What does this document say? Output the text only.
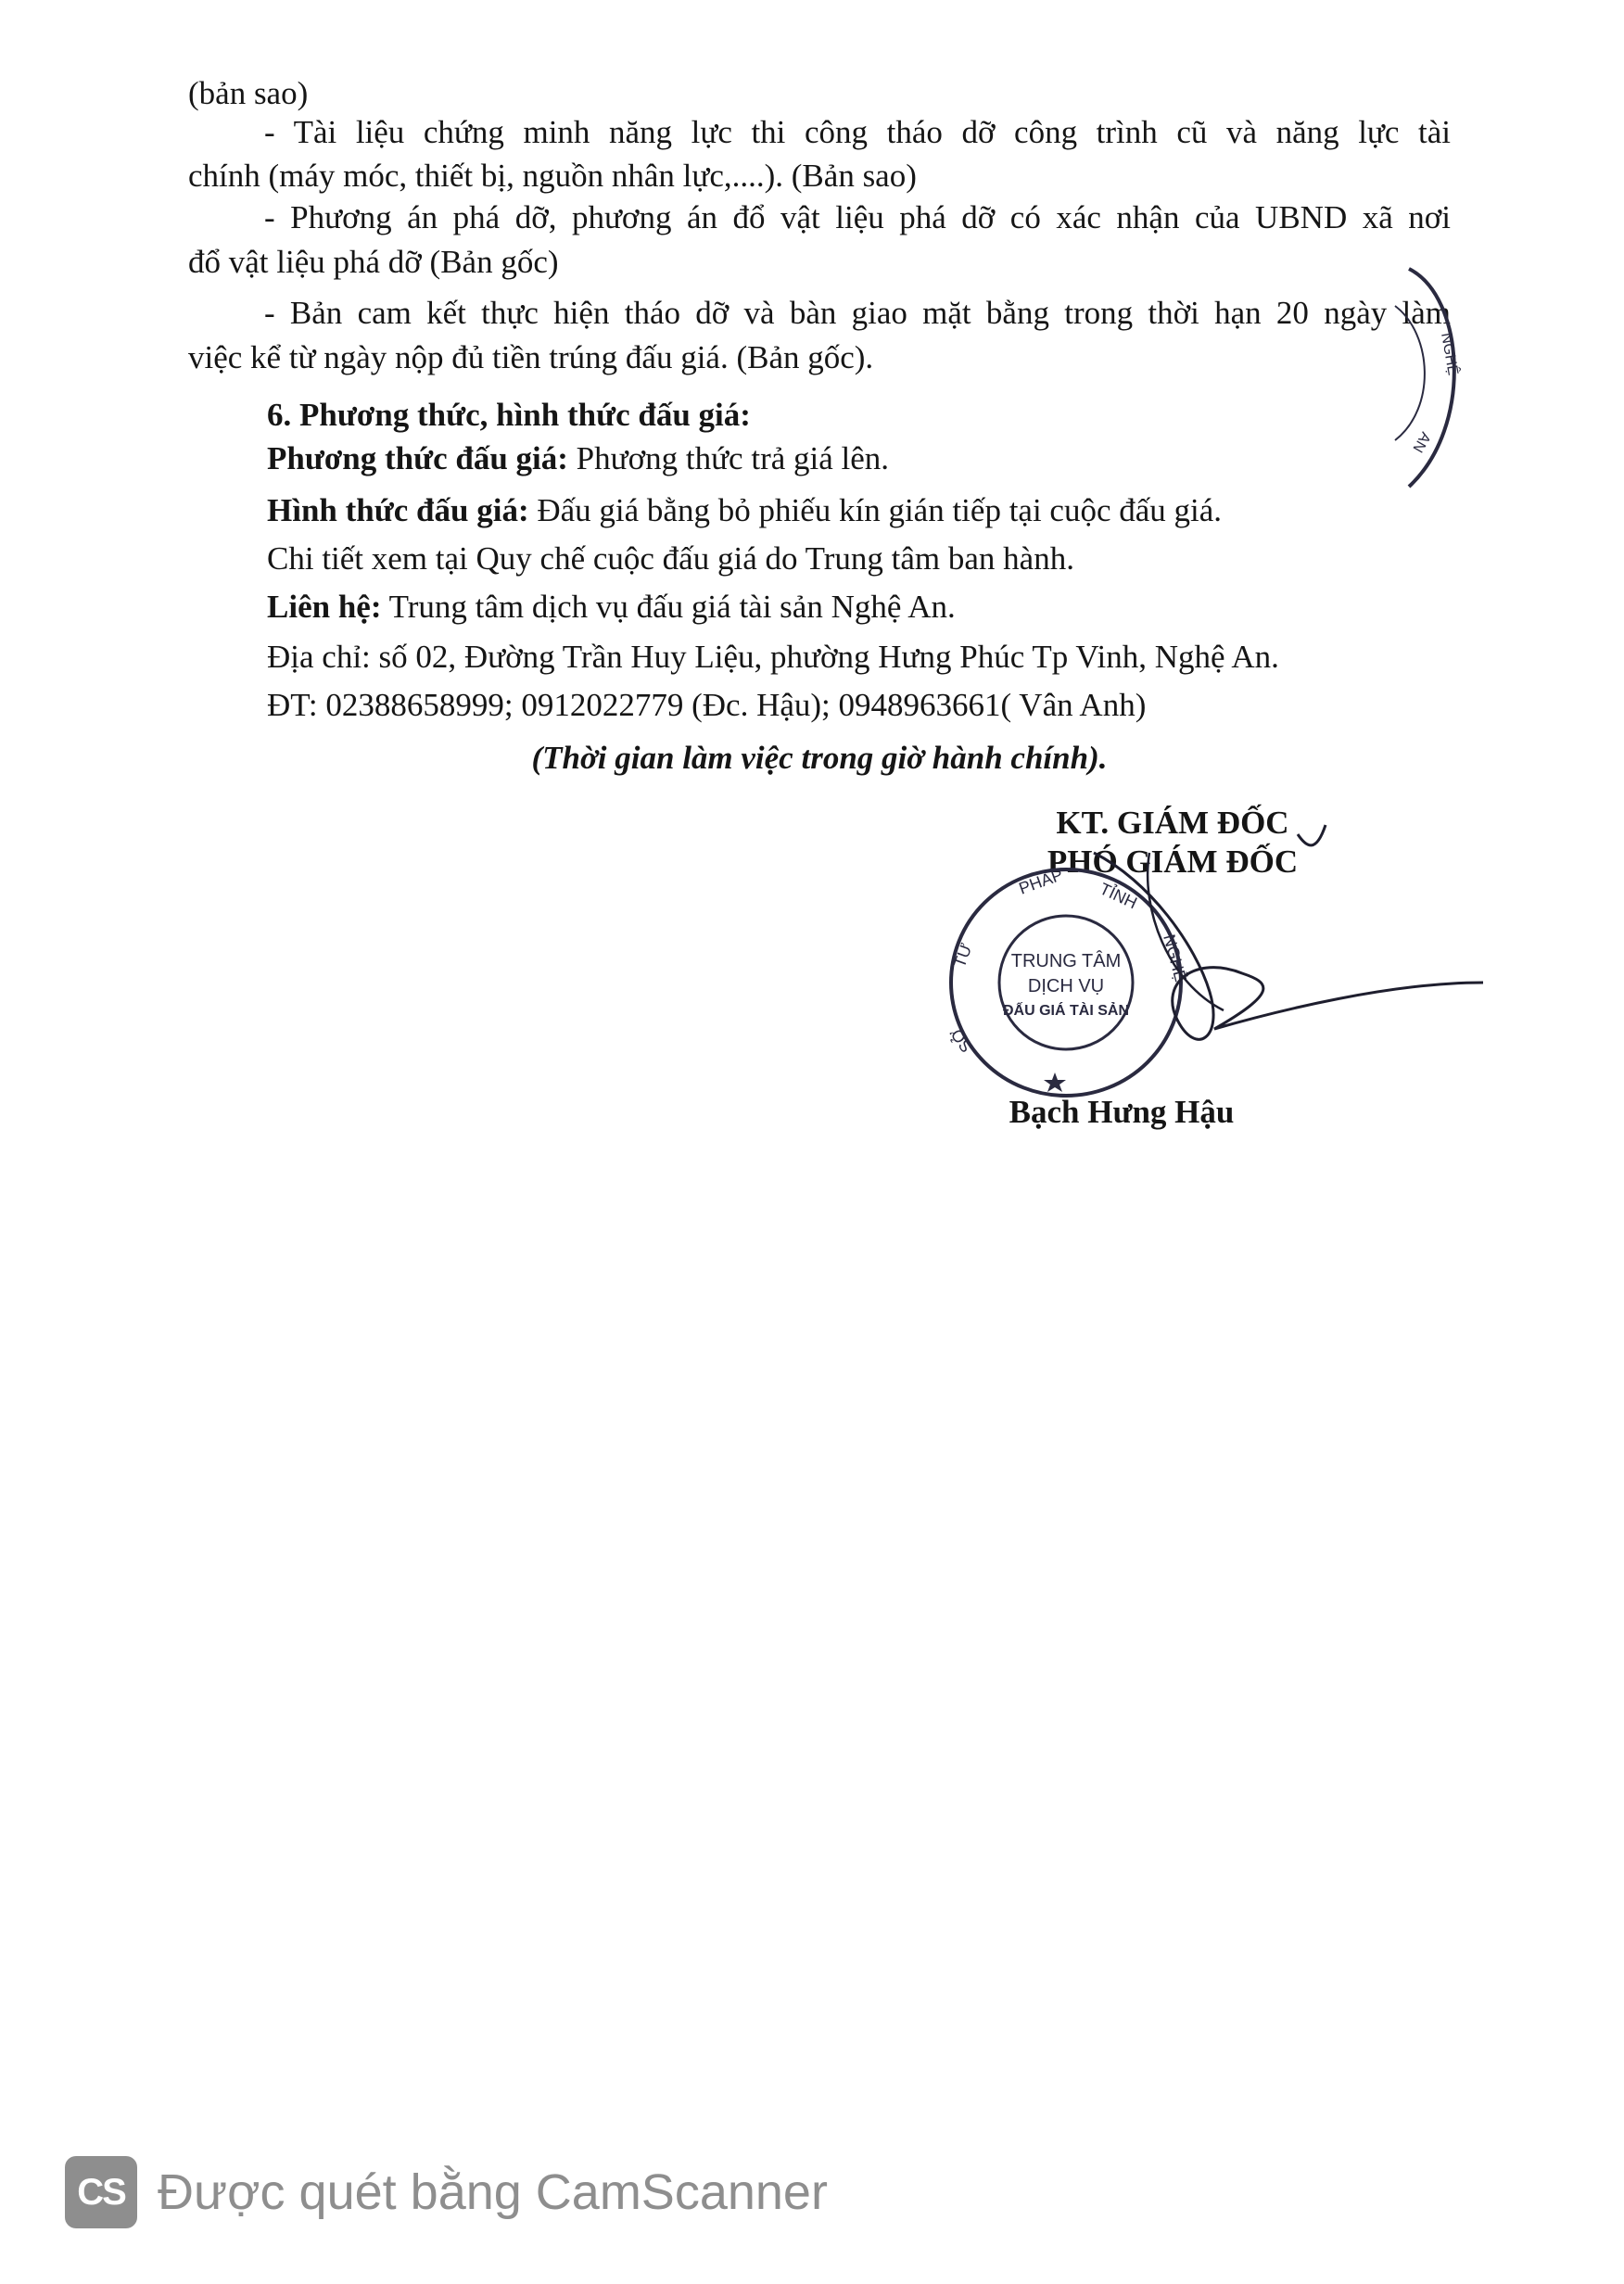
(bản sao)
- Tài liệu chứng minh năng lực thi công tháo dỡ công trình cũ và năng lực tài
chính (máy móc, thiết bị, nguồn nhân lực,....). (Bản sao)
- Phương án phá dỡ, phương án đổ vật liệu phá dỡ có xác nhận của UBND xã nơi
đổ vật liệu phá dỡ (Bản gốc)
- Bản cam kết thực hiện tháo dỡ và bàn giao mặt bằng trong thời hạn 20 ngày làm
việc kể từ ngày nộp đủ tiền trúng đấu giá. (Bản gốc).
6. Phương thức, hình thức đấu giá:
Phương thức đấu giá: Phương thức trả giá lên.
Hình thức đấu giá: Đấu giá bằng bỏ phiếu kín gián tiếp tại cuộc đấu giá.
Chi tiết xem tại Quy chế cuộc đấu giá do Trung tâm ban hành.
Liên hệ: Trung tâm dịch vụ đấu giá tài sản Nghệ An.
Địa chỉ: số 02, Đường Trần Huy Liệu, phường Hưng Phúc Tp Vinh, Nghệ An.
ĐT: 02388658999; 0912022779 (Đc. Hậu); 0948963661( Vân Anh)
(Thời gian làm việc trong giờ hành chính).
KT. GIÁM ĐỐC
PHÓ GIÁM ĐỐC
TƯ
PHÁP TỈNH
NGHỆ
SỞ
TRUNG TÂM
DỊCH VỤ
ĐẤU GIÁ TÀI SẢN
Bạch Hưng Hậu
NGHỆ
AN
CS Được quét bằng CamScanner
